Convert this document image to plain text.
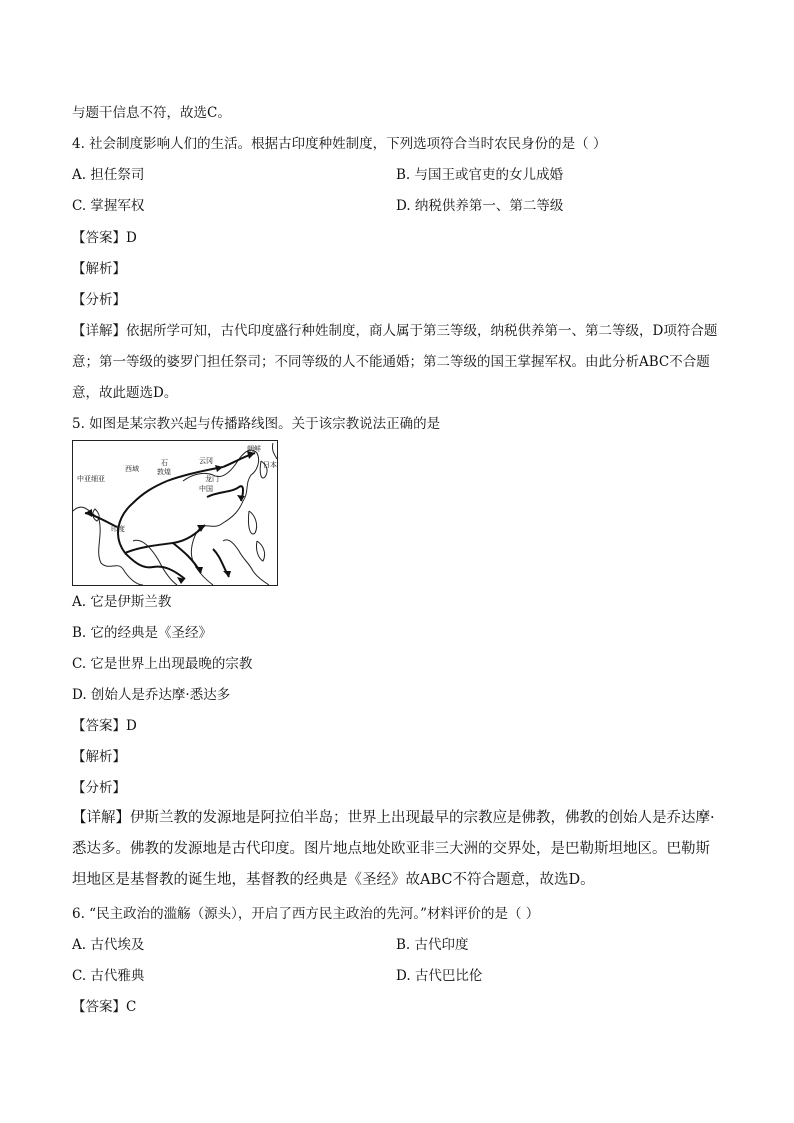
与题干信息不符，故选C。
4. 社会制度影响人们的生活。根据古印度种姓制度，下列选项符合当时农民身份的是（ ）
A. 担任祭司	B. 与国王或官吏的女儿成婚
C. 掌握军权	D. 纳税供养第一、第二等级
【答案】D
【解析】
【分析】
【详解】依据所学可知，古代印度盛行种姓制度，商人属于第三等级，纳税供养第一、第二等级，D项符合题意；第一等级的婆罗门担任祭司；不同等级的人不能通婚；第二等级的国王掌握军权。由此分析ABC不合题意，故此题选D。
5. 如图是某宗教兴起与传播路线图。关于该宗教说法正确的是
中亚细亚
西域
石
敦煌
云冈
龙门
中国
印度
朝鲜
日本
A. 它是伊斯兰教
B. 它的经典是《圣经》
C. 它是世界上出现最晚的宗教
D. 创始人是乔达摩·悉达多
【答案】D
【解析】
【分析】
【详解】伊斯兰教的发源地是阿拉伯半岛；世界上出现最早的宗教应是佛教，佛教的创始人是乔达摩·悉达多。佛教的发源地是古代印度。图片地点地处欧亚非三大洲的交界处，是巴勒斯坦地区。巴勒斯坦地区是基督教的诞生地，基督教的经典是《圣经》故ABC不符合题意，故选D。
6. “民主政治的滥觞（源头），开启了西方民主政治的先河。”材料评价的是（ ）
A. 古代埃及	B. 古代印度
C. 古代雅典	D. 古代巴比伦
【答案】C
